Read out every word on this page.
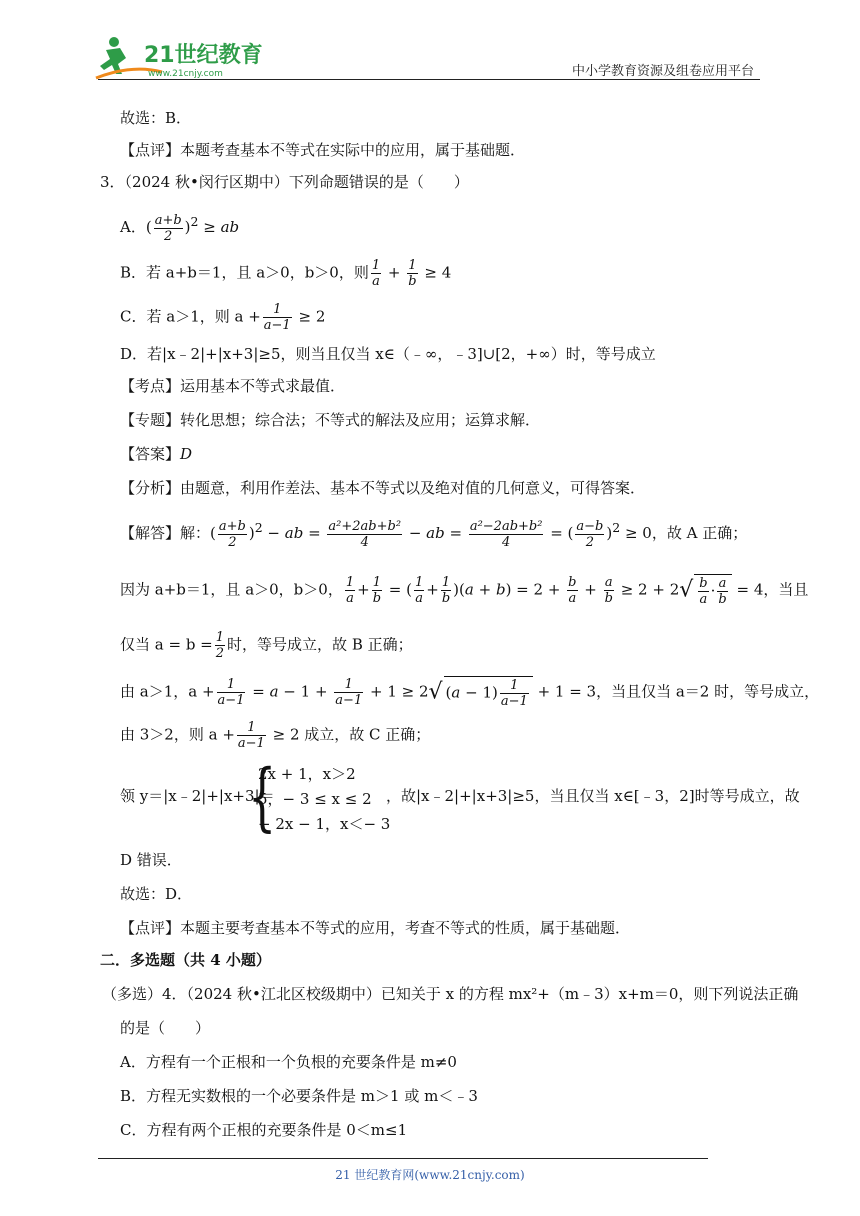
21世纪教育
www.21cnjy.com	中小学教育资源及组卷应用平台
故选：B．
【点评】本题考查基本不等式在实际中的应用，属于基础题．
3．（2024 秋•闵行区期中）下列命题错误的是（　　）
A．( $\frac{a+b}{2} )^2$ ≥ ab
B．若 a+b＝1，且 a＞0，b＞0，则 $\frac{1}{a} + \frac{1}{b} \ge 4$
C．若 a＞1，则 $a + \frac{1}{a-1} \ge 2$
D．若|x﹣2|+|x+3|≥5，则当且仅当 x∈（﹣∞，﹣3]∪[2，+∞）时，等号成立
【考点】运用基本不等式求最值．
【专题】转化思想；综合法；不等式的解法及应用；运算求解．
【答案】D
【分析】由题意，利用作差法、基本不等式以及绝对值的几何意义，可得答案．
【解答】解：( $\frac{a+b}{2} )^2$ − ab = $\frac{\text{a²+2ab+b²}}{4}$ − ab = $\frac{\text{a²−2ab+b²}}{4}$ = ( $\frac{a-b}{2} )^2 \ge 0$，故 A 正确；
因为 a+b＝1，且 a＞0，b＞0， $\frac{1}{a} + \frac{1}{b}$ = ( $\frac{1}{a} + \frac{1}{b} )(a + b) = 2 + \frac{b}{a} + \frac{a}{b} \ge 2 + 2√ \frac{b}{a} \cdot \frac{a}{b} = 4$，当且
仅当 $a = b = \frac{1}{2}$ 时，等号成立，故 B 正确；
由 a＞1，$a + \frac{1}{a-1} = a - 1 + \frac{1}{a-1} + 1 \ge 2√$ $(a - 1) \frac{1}{a-1} + 1 = 3$，当且仅当 a＝2 时，等号成立，
由 3＞2，则 $a + \frac{1}{a-1} \ge 2$ 成立，故 C 正确；
领 y＝|x﹣2|+|x+3|＝
{
2x + 1，x＞2
5，− 3 ≤ x ≤ 2
− 2x − 1，x＜− 3
，故|x﹣2|+|x+3|≥5，当且仅当 x∈[﹣3，2]时等号成立，故
D 错误．
故选：D．
【点评】本题主要考查基本不等式的应用，考查不等式的性质，属于基础题．
二．多选题（共 4 小题）
（多选）4．（2024 秋•江北区校级期中）已知关于 x 的方程 mx²+（m﹣3）x+m＝0，则下列说法正确
的是（　　）
A．方程有一个正根和一个负根的充要条件是 m≠0
B．方程无实数根的一个必要条件是 m＞1 或 m＜﹣3
C．方程有两个正根的充要条件是 0＜m≤1
21 世纪教育网(www.21cnjy.com)
